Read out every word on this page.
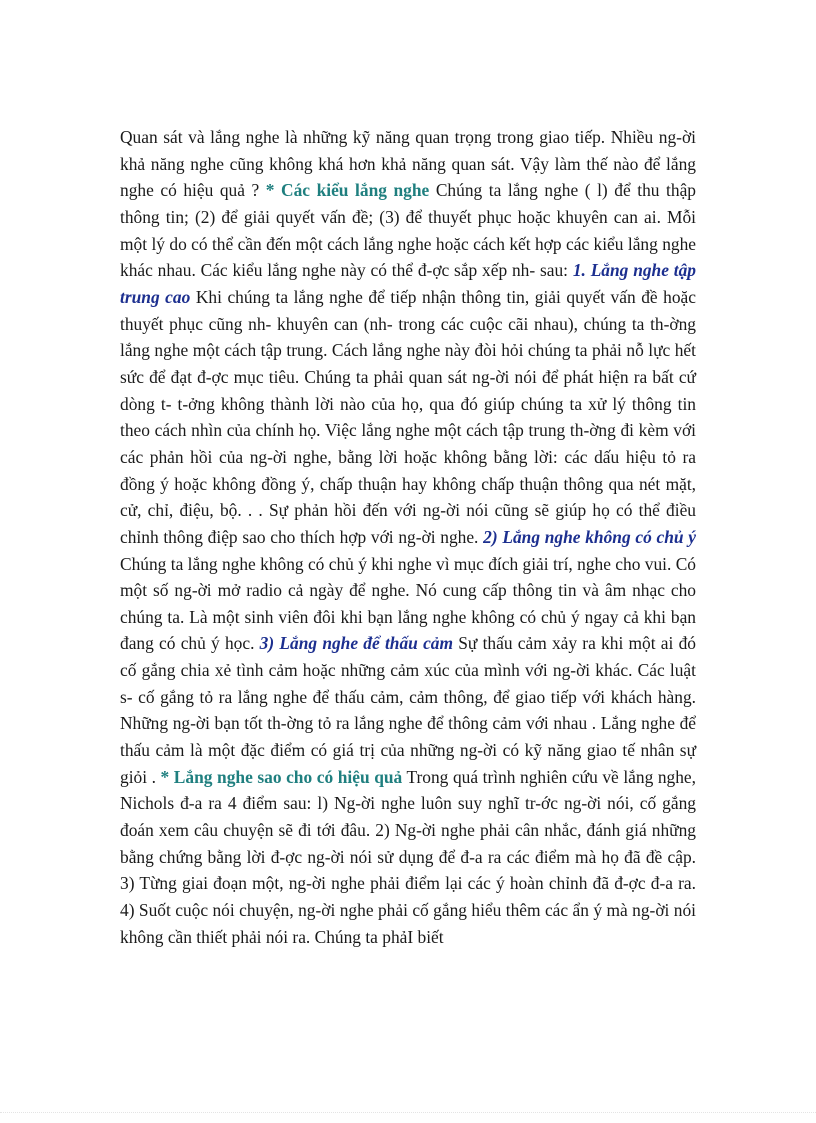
Quan sát và lắng nghe là những kỹ năng quan trọng trong giao tiếp. Nhiều ng-ời khả năng nghe cũng không khá hơn khả năng quan sát. Vậy làm thế nào để lắng nghe có hiệu quả ? * Các kiểu lắng nghe Chúng ta lắng nghe ( l) để thu thập thông tin; (2) để giải quyết vấn đề; (3) để thuyết phục hoặc khuyên can ai. Mỗi một lý do có thể cần đến một cách lắng nghe hoặc cách kết hợp các kiểu lắng nghe khác nhau. Các kiểu lắng nghe này có thể đ-ợc sắp xếp nh- sau: 1. Lắng nghe tập trung cao Khi chúng ta lắng nghe để tiếp nhận thông tin, giải quyết vấn đề hoặc thuyết phục cũng nh- khuyên can (nh- trong các cuộc cãi nhau), chúng ta th-ờng lắng nghe một cách tập trung. Cách lắng nghe này đòi hỏi chúng ta phải nỗ lực hết sức để đạt đ-ợc mục tiêu. Chúng ta phải quan sát ng-ời nói để phát hiện ra bất cứ dòng t- t-ởng không thành lời nào của họ, qua đó giúp chúng ta xử lý thông tin theo cách nhìn của chính họ. Việc lắng nghe một cách tập trung th-ờng đi kèm với các phản hồi của ng-ời nghe, bằng lời hoặc không bằng lời: các dấu hiệu tỏ ra đồng ý hoặc không đồng ý, chấp thuận hay không chấp thuận thông qua nét mặt, cử, chỉ, điệu, bộ. . . Sự phản hồi đến với ng-ời nói cũng sẽ giúp họ có thể điều chỉnh thông điệp sao cho thích hợp với ng-ời nghe. 2) Lắng nghe không có chủ ý Chúng ta lắng nghe không có chủ ý khi nghe vì mục đích giải trí, nghe cho vui. Có một số ng-ời mở radio cả ngày để nghe. Nó cung cấp thông tin và âm nhạc cho chúng ta. Là một sinh viên đôi khi bạn lắng nghe không có chủ ý ngay cả khi bạn đang có chủ ý học. 3) Lắng nghe để thấu cảm Sự thấu cảm xảy ra khi một ai đó cố gắng chia xẻ tình cảm hoặc những cảm xúc của mình với ng-ời khác. Các luật s- cố gắng tỏ ra lắng nghe để thấu cảm, cảm thông, để giao tiếp với khách hàng. Những ng-ời bạn tốt th-ờng tỏ ra lắng nghe để thông cảm với nhau . Lắng nghe để thấu cảm là một đặc điểm có giá trị của những ng-ời có kỹ năng giao tế nhân sự giỏi . * Lắng nghe sao cho có hiệu quả Trong quá trình nghiên cứu về lắng nghe, Nichols đ-a ra 4 điểm sau: l) Ng-ời nghe luôn suy nghĩ tr-ớc ng-ời nói, cố gắng đoán xem câu chuyện sẽ đi tới đâu. 2) Ng-ời nghe phải cân nhắc, đánh giá những bằng chứng bằng lời đ-ợc ng-ời nói sử dụng để đ-a ra các điểm mà họ đã đề cập. 3) Từng giai đoạn một, ng-ời nghe phải điểm lại các ý hoàn chỉnh đã đ-ợc đ-a ra. 4) Suốt cuộc nói chuyện, ng-ời nghe phải cố gắng hiểu thêm các ẩn ý mà ng-ời nói không cần thiết phải nói ra. Chúng ta phảI biết
